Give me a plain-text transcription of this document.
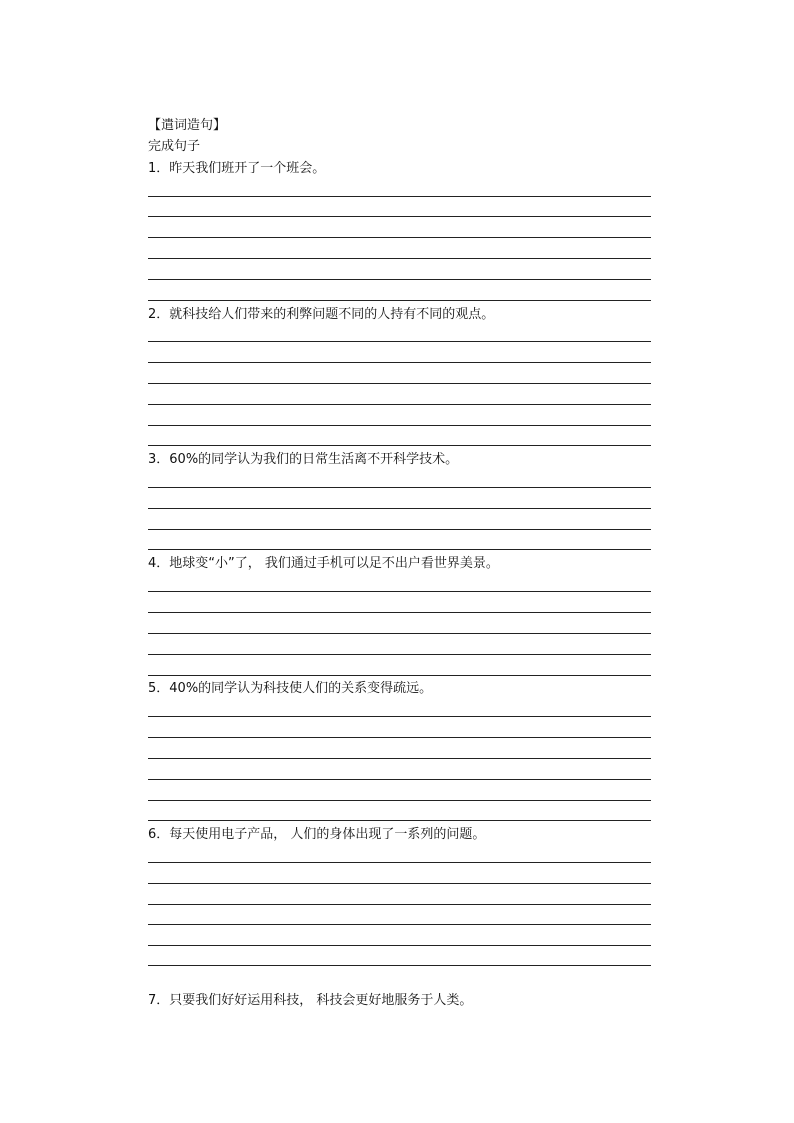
【遣词造句】
完成句子
1．昨天我们班开了一个班会。
2．就科技给人们带来的利弊问题不同的人持有不同的观点。
3．60%的同学认为我们的日常生活离不开科学技术。
4．地球变“小”了， 我们通过手机可以足不出户看世界美景。
5．40%的同学认为科技使人们的关系变得疏远。
6．每天使用电子产品， 人们的身体出现了一系列的问题。
7．只要我们好好运用科技， 科技会更好地服务于人类。
